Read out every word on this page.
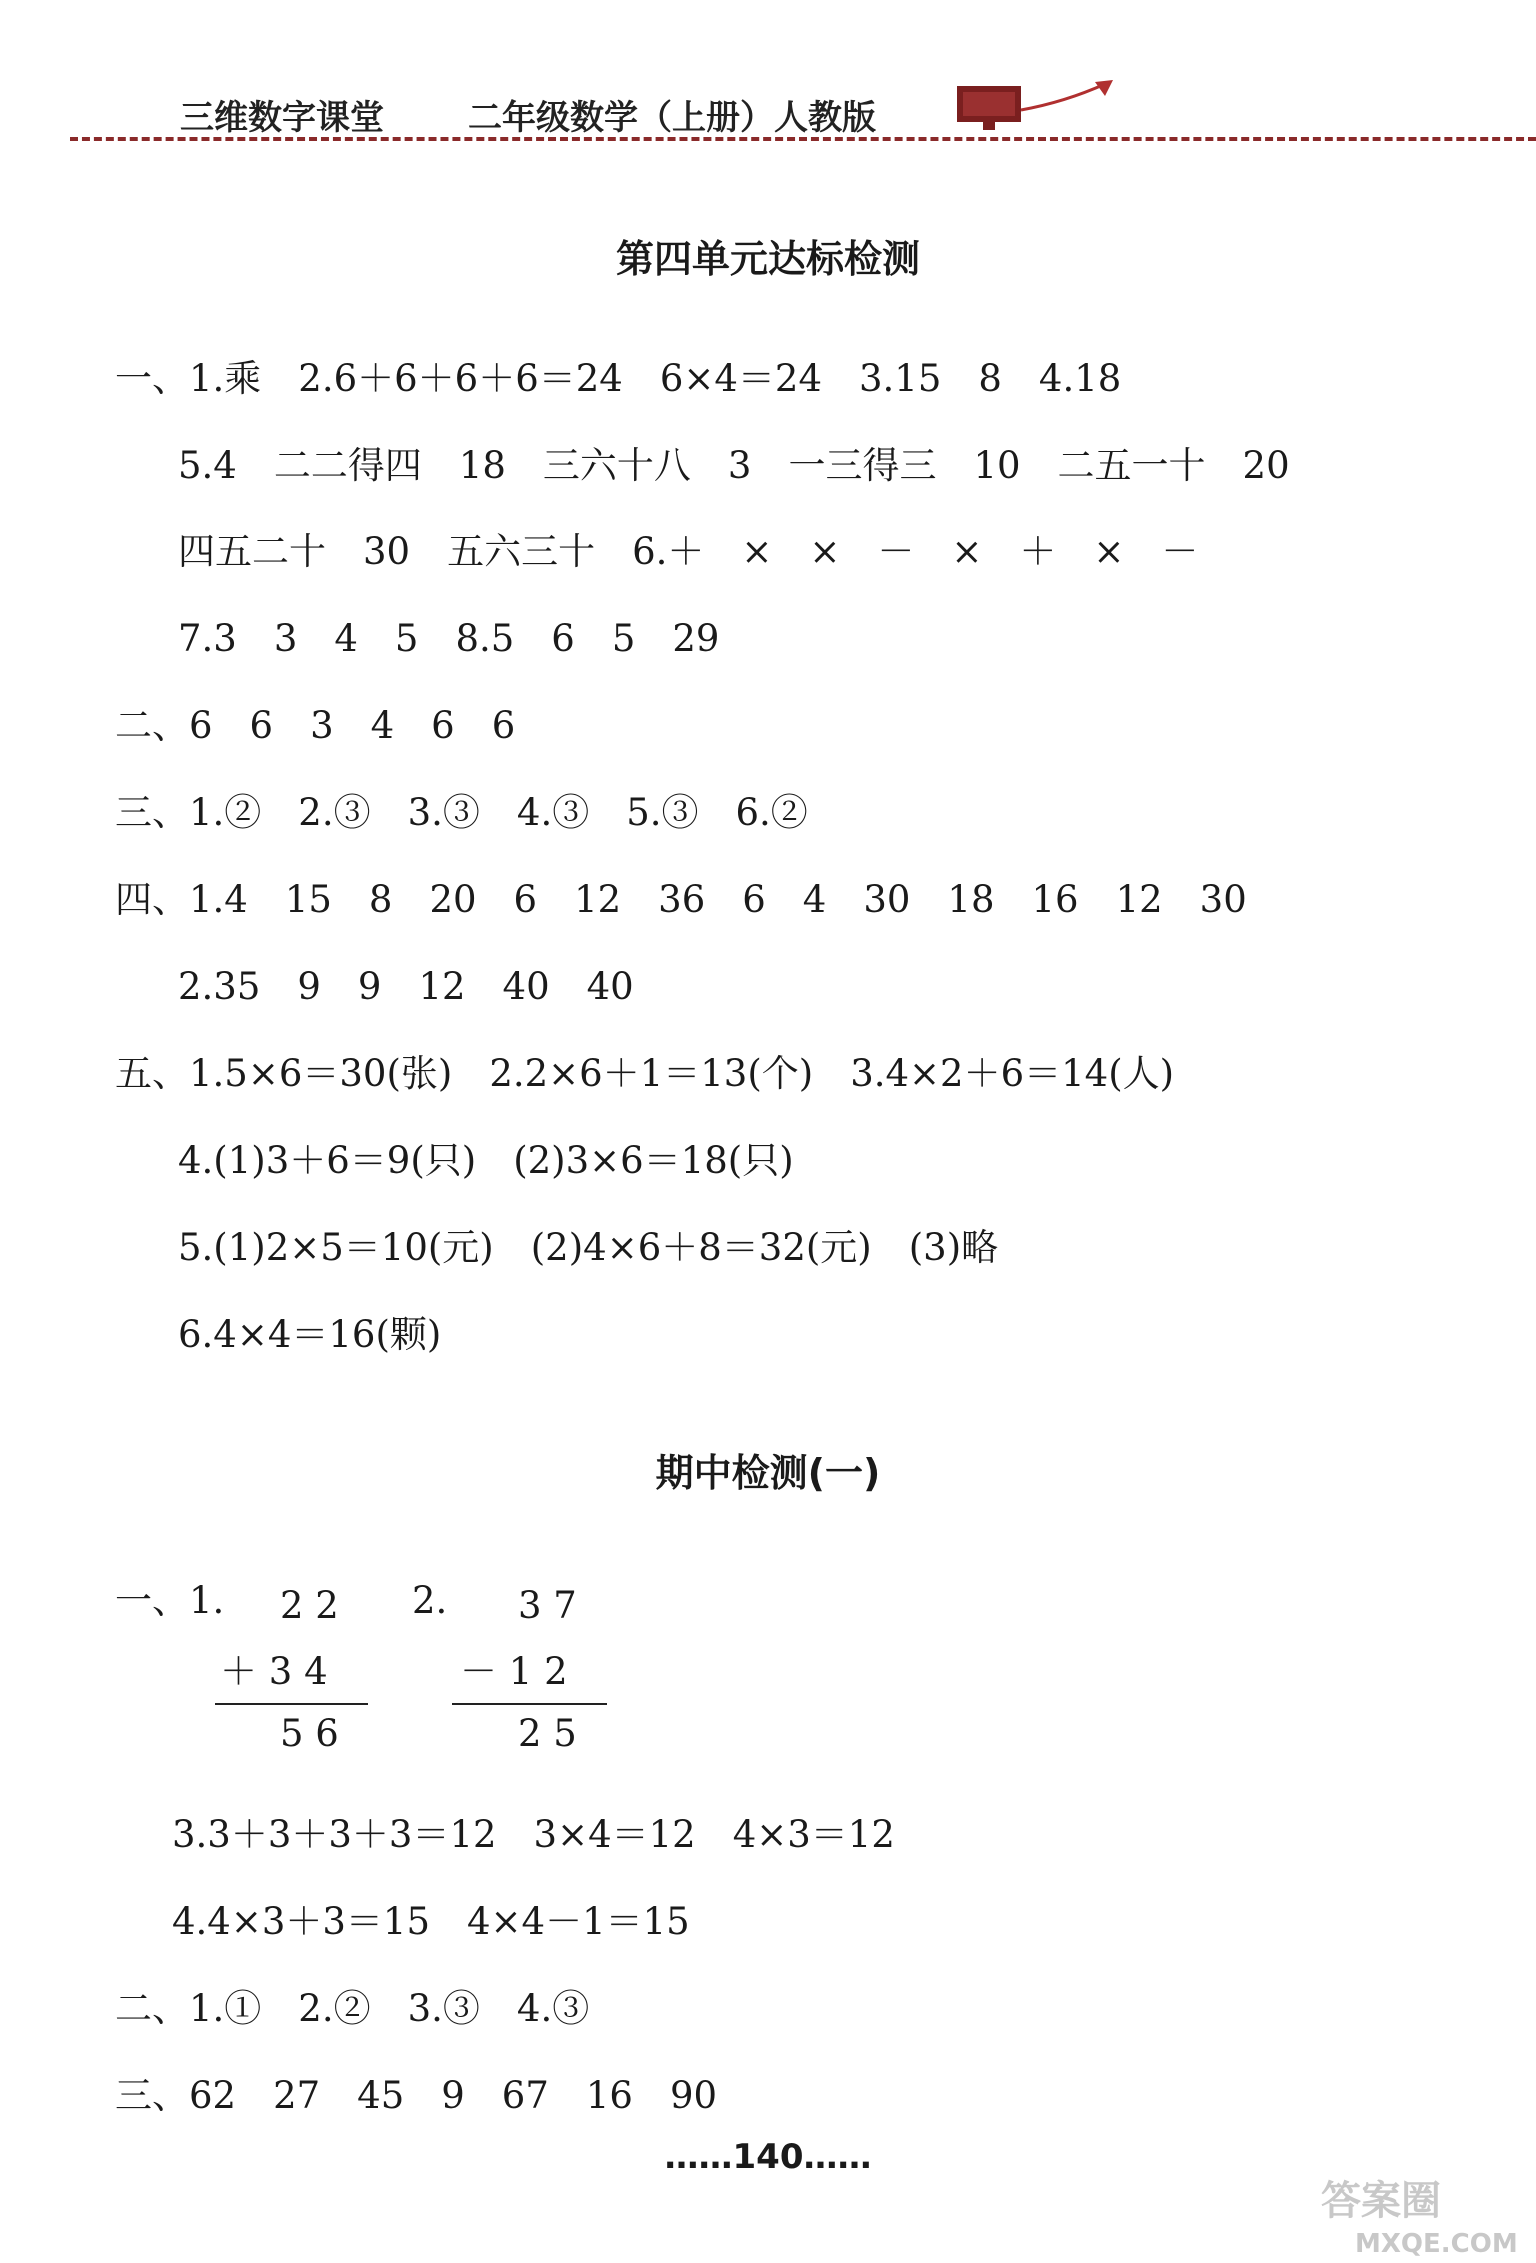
三维数字课堂 二年级数学（上册）人教版
第四单元达标检测
一、1.乘　2.6＋6＋6＋6＝24　6×4＝24　3.15　8　4.18
5.4　二二得四　18　三六十八　3　一三得三　10　二五一十　20
四五二十　30　五六三十　6.＋　×　×　－　×　＋　×　－
7.3　3　4　5　8.5　6　5　29
二、6　6　3　4　6　6
三、1.②　2.③　3.③　4.③　5.③　6.②
四、1.4　15　8　20　6　12　36　6　4　30　18　16　12　30
2.35　9　9　12　40　40
五、1.5×6＝30(张)　2.2×6＋1＝13(个)　3.4×2＋6＝14(人)
4.(1)3＋6＝9(只)　(2)3×6＝18(只)
5.(1)2×5＝10(元)　(2)4×6＋8＝32(元)　(3)略
6.4×4＝16(颗)
期中检测(一)
一、1. 2 2
＋ 3 4
5 6
2. 3 7
－ 1 2
2 5
3.3＋3＋3＋3＝12　3×4＝12　4×3＝12
4.4×3＋3＝15　4×4－1＝15
二、1.①　2.②　3.③　4.③
三、62　27　45　9　67　16　90
……140……
答案圈
MXQE.COM
